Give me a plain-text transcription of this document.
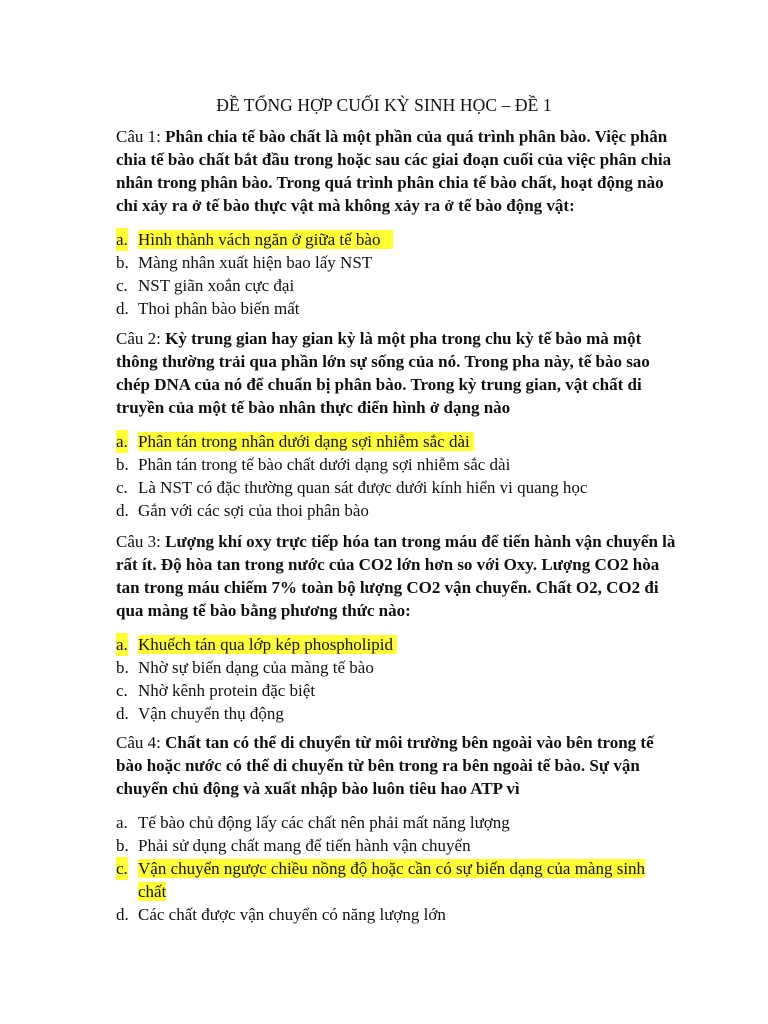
ĐỀ TỔNG HỢP CUỐI KỲ SINH HỌC – ĐỀ 1

Câu 1: Phân chia tế bào chất là một phần của quá trình phân bào. Việc phân chia tế bào chất bắt đầu trong hoặc sau các giai đoạn cuối của việc phân chia nhân trong phân bào. Trong quá trình phân chia tế bào chất, hoạt động nào chỉ xảy ra ở tế bào thực vật mà không xảy ra ở tế bào động vật:

a. Hình thành vách ngăn ở giữa tế bào
b. Màng nhân xuất hiện bao lấy NST
c. NST giãn xoắn cực đại
d. Thoi phân bào biến mất

Câu 2: Kỳ trung gian hay gian kỳ là một pha trong chu kỳ tế bào mà một thông thường trải qua phần lớn sự sống của nó. Trong pha này, tế bào sao chép DNA của nó để chuẩn bị phân bào. Trong kỳ trung gian, vật chất di truyền của một tế bào nhân thực điển hình ở dạng nào

a. Phân tán trong nhân dưới dạng sợi nhiễm sắc dài
b. Phân tán trong tế bào chất dưới dạng sợi nhiễm sắc dài
c. Là NST có đặc thường quan sát được dưới kính hiển vi quang học
d. Gắn với các sợi của thoi phân bào

Câu 3: Lượng khí oxy trực tiếp hóa tan trong máu để tiến hành vận chuyển là rất ít. Độ hòa tan trong nước của CO2 lớn hơn so với Oxy. Lượng CO2 hòa tan trong máu chiếm 7% toàn bộ lượng CO2 vận chuyển. Chất O2, CO2 đi qua màng tế bào bằng phương thức nào:

a. Khuếch tán qua lớp kép phospholipid
b. Nhờ sự biến dạng của màng tế bào
c. Nhờ kênh protein đặc biệt
d. Vận chuyển thụ động

Câu 4: Chất tan có thể di chuyển từ môi trường bên ngoài vào bên trong tế bào hoặc nước có thể di chuyển từ bên trong ra bên ngoài tế bào. Sự vận chuyển chủ động và xuất nhập bào luôn tiêu hao ATP vì

a. Tế bào chủ động lấy các chất nên phải mất năng lượng
b. Phải sử dụng chất mang để tiến hành vận chuyển
c. Vận chuyển ngược chiều nồng độ hoặc cần có sự biến dạng của màng sinh chất
d. Các chất được vận chuyển có năng lượng lớn
